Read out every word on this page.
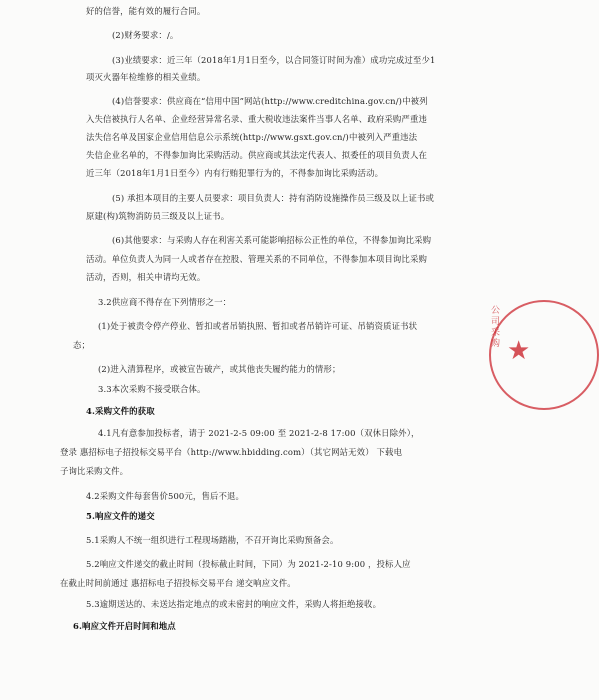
好的信誉，能有效的履行合同。
(2)财务要求：/。
(3)业绩要求：近三年（2018年1月1日至今，以合同签订时间为准）成功完成过至少1
项灭火器年检维修的相关业绩。
(4)信誉要求：供应商在“信用中国”网站(http://www.creditchina.gov.cn/)中被列
入失信被执行人名单、企业经营异常名录、重大税收违法案件当事人名单、政府采购严重违
法失信名单及国家企业信用信息公示系统(http://www.gsxt.gov.cn/)中被列入严重违法
失信企业名单的，不得参加询比采购活动。供应商或其法定代表人、拟委任的项目负责人在
近三年（2018年1月1日至今）内有行贿犯罪行为的，不得参加询比采购活动。
(5) 承担本项目的主要人员要求：项目负责人：持有消防设施操作员三级及以上证书或
原建(构)筑物消防员三级及以上证书。
(6)其他要求：与采购人存在利害关系可能影响招标公正性的单位，不得参加询比采购
活动。单位负责人为同一人或者存在控股、管理关系的不同单位，不得参加本项目询比采购
活动，否则，相关申请均无效。
3.2供应商不得存在下列情形之一：
(1)处于被责令停产停业、暂扣或者吊销执照、暂扣或者吊销许可证、吊销资质证书状
态；
(2)进入清算程序，或被宣告破产，或其他丧失履约能力的情形；
3.3本次采购不接受联合体。
4.采购文件的获取
4.1凡有意参加投标者，请于 2021-2-5 09:00 至 2021-2-8 17:00（双休日除外），
登录 惠招标电子招投标交易平台（http://www.hbidding.com）（其它网站无效） 下载电
子询比采购文件。
4.2采购文件每套售价500元，售后不退。
5.响应文件的递交
5.1采购人不统一组织进行工程现场踏勘，不召开询比采购预备会。
5.2响应文件递交的截止时间（投标截止时间，下同）为 2021-2-10 9:00 ，投标人应
在截止时间前通过 惠招标电子招投标交易平台 递交响应文件。
5.3逾期送达的、未送达指定地点的或未密封的响应文件，采购人将拒绝接收。
6.响应文件开启时间和地点
★
公司采购
